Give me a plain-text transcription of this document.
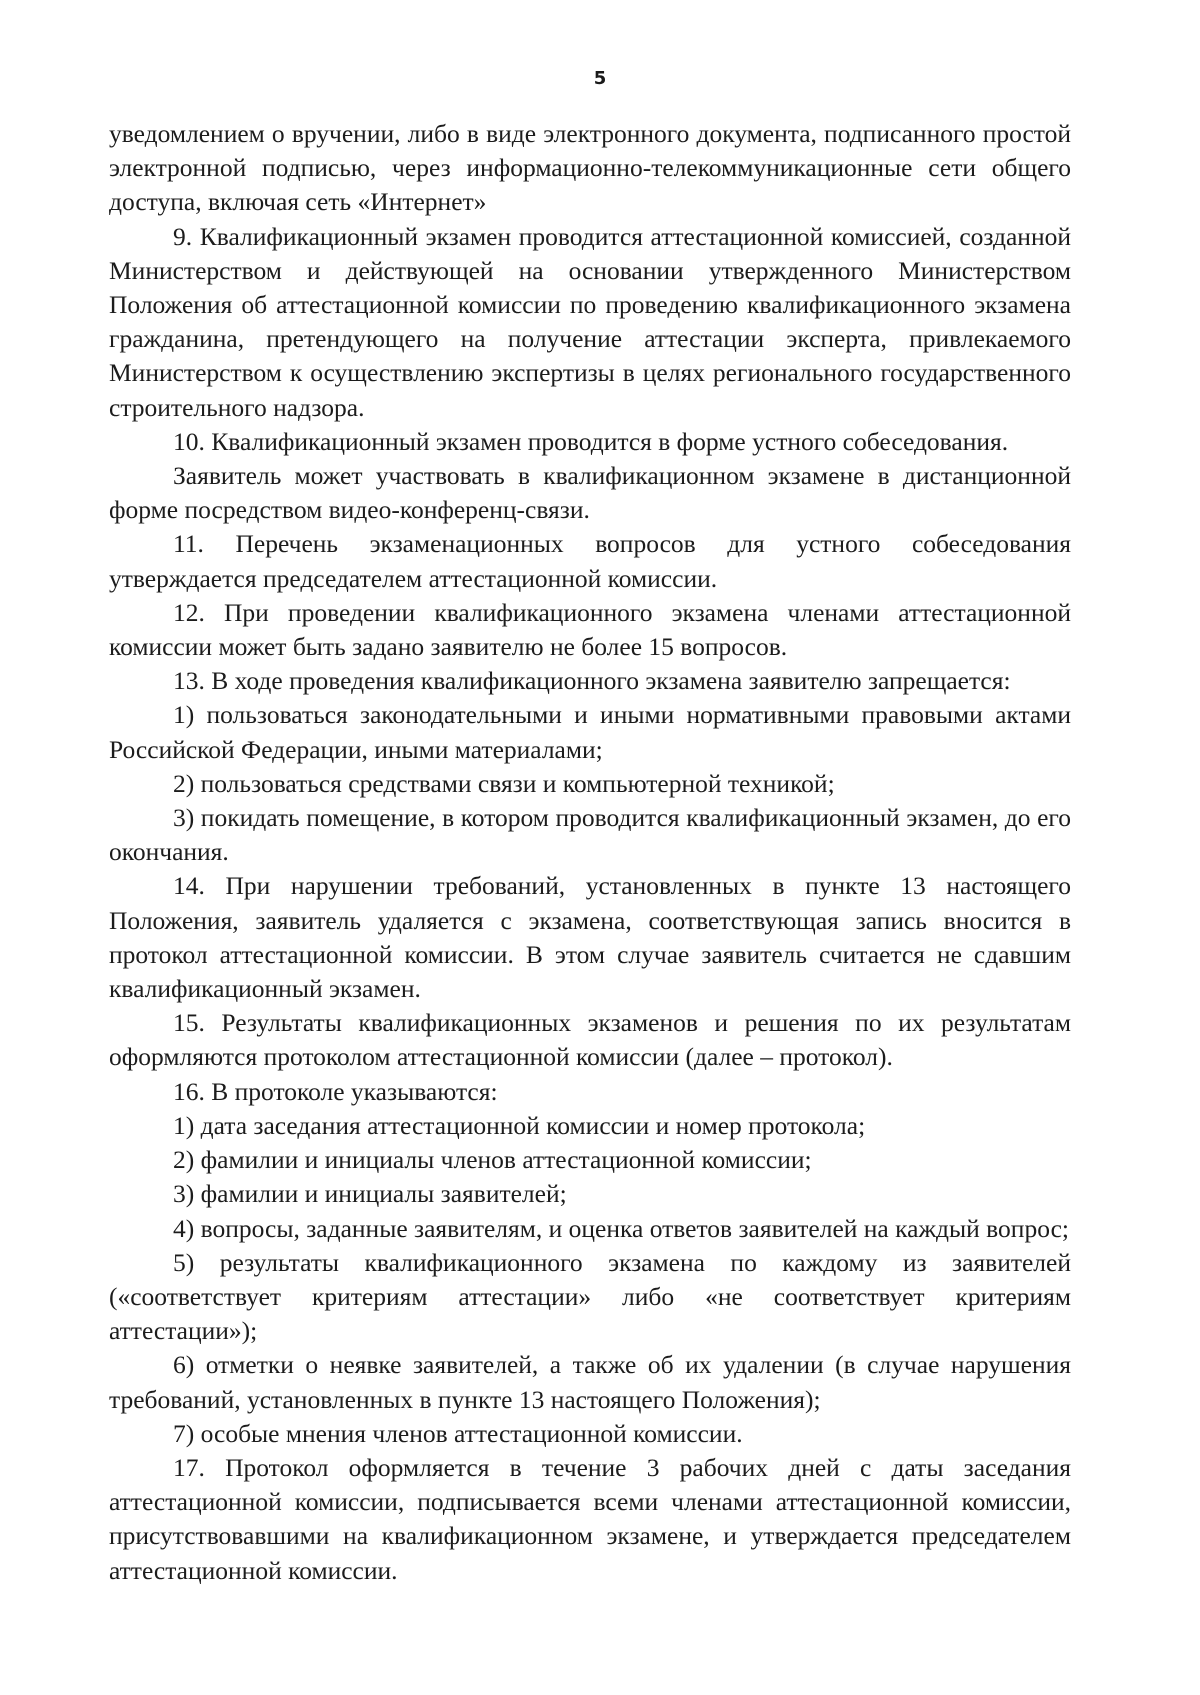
5

уведомлением о вручении, либо в виде электронного документа, подписанного простой электронной подписью, через информационно-телекоммуникационные сети общего доступа, включая сеть «Интернет»

9. Квалификационный экзамен проводится аттестационной комиссией, созданной Министерством и действующей на основании утвержденного Министерством Положения об аттестационной комиссии по проведению квалификационного экзамена гражданина, претендующего на получение аттестации эксперта, привлекаемого Министерством к осуществлению экспертизы в целях регионального государственного строительного надзора.

10. Квалификационный экзамен проводится в форме устного собеседования.

Заявитель может участвовать в квалификационном экзамене в дистанционной форме посредством видео-конференц-связи.

11. Перечень экзаменационных вопросов для устного собеседования утверждается председателем аттестационной комиссии.

12. При проведении квалификационного экзамена членами аттестационной комиссии может быть задано заявителю не более 15 вопросов.

13. В ходе проведения квалификационного экзамена заявителю запрещается:

1) пользоваться законодательными и иными нормативными правовыми актами Российской Федерации, иными материалами;

2) пользоваться средствами связи и компьютерной техникой;

3) покидать помещение, в котором проводится квалификационный экзамен, до его окончания.

14. При нарушении требований, установленных в пункте 13 настоящего Положения, заявитель удаляется с экзамена, соответствующая запись вносится в протокол аттестационной комиссии. В этом случае заявитель считается не сдавшим квалификационный экзамен.

15. Результаты квалификационных экзаменов и решения по их результатам оформляются протоколом аттестационной комиссии (далее – протокол).

16. В протоколе указываются:

1) дата заседания аттестационной комиссии и номер протокола;

2) фамилии и инициалы членов аттестационной комиссии;

3) фамилии и инициалы заявителей;

4) вопросы, заданные заявителям, и оценка ответов заявителей на каждый вопрос;

5) результаты квалификационного экзамена по каждому из заявителей («соответствует критериям аттестации» либо «не соответствует критериям аттестации»);

6) отметки о неявке заявителей, а также об их удалении (в случае нарушения требований, установленных в пункте 13 настоящего Положения);

7) особые мнения членов аттестационной комиссии.

17. Протокол оформляется в течение 3 рабочих дней с даты заседания аттестационной комиссии, подписывается всеми членами аттестационной комиссии, присутствовавшими на квалификационном экзамене, и утверждается председателем аттестационной комиссии.
